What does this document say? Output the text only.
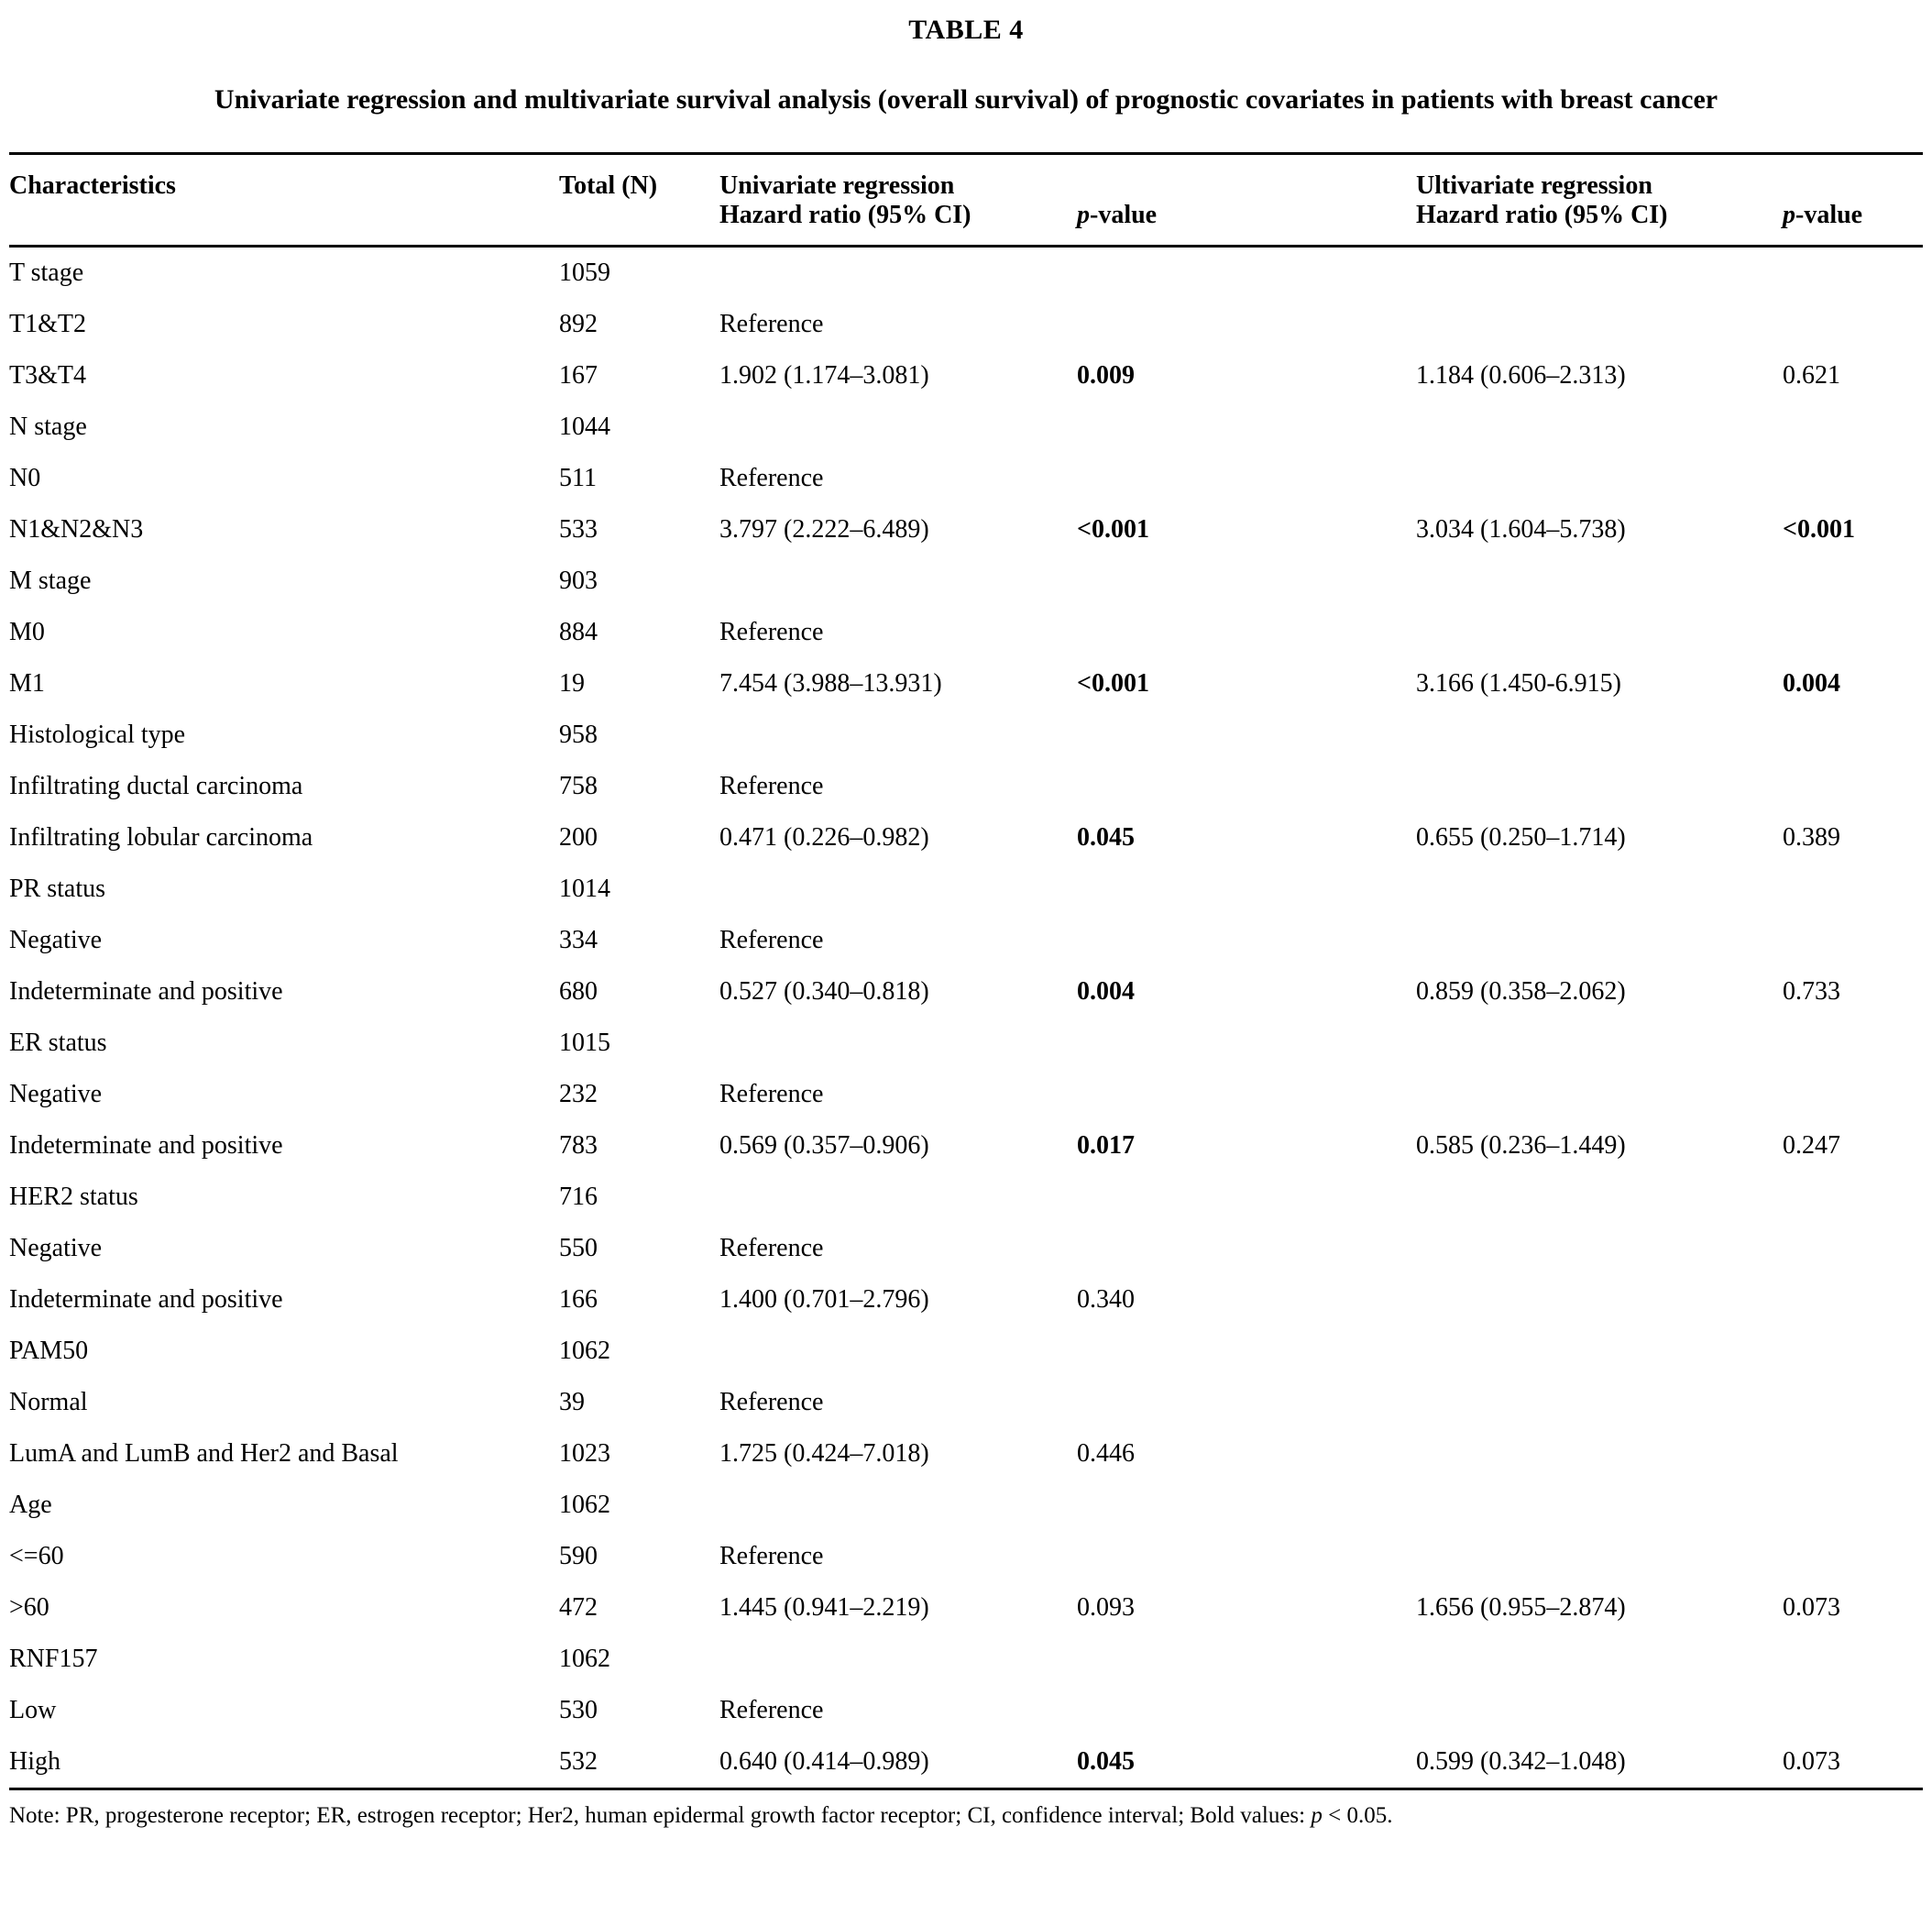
TABLE 4
Univariate regression and multivariate survival analysis (overall survival) of prognostic covariates in patients with breast cancer
Characteristics	Total (N)	Univariate regression		Ultivariate regression	
		Hazard ratio (95% CI)	p-value	Hazard ratio (95% CI)	p-value
T stage	1059				
T1&T2	892	Reference			
T3&T4	167	1.902 (1.174–3.081)	0.009	1.184 (0.606–2.313)	0.621
N stage	1044				
N0	511	Reference			
N1&N2&N3	533	3.797 (2.222–6.489)	<0.001	3.034 (1.604–5.738)	<0.001
M stage	903				
M0	884	Reference			
M1	19	7.454 (3.988–13.931)	<0.001	3.166 (1.450-6.915)	0.004
Histological type	958				
Infiltrating ductal carcinoma	758	Reference			
Infiltrating lobular carcinoma	200	0.471 (0.226–0.982)	0.045	0.655 (0.250–1.714)	0.389
PR status	1014				
Negative	334	Reference			
Indeterminate and positive	680	0.527 (0.340–0.818)	0.004	0.859 (0.358–2.062)	0.733
ER status	1015				
Negative	232	Reference			
Indeterminate and positive	783	0.569 (0.357–0.906)	0.017	0.585 (0.236–1.449)	0.247
HER2 status	716				
Negative	550	Reference			
Indeterminate and positive	166	1.400 (0.701–2.796)	0.340		
PAM50	1062				
Normal	39	Reference			
LumA and LumB and Her2 and Basal	1023	1.725 (0.424–7.018)	0.446		
Age	1062				
<=60	590	Reference			
>60	472	1.445 (0.941–2.219)	0.093	1.656 (0.955–2.874)	0.073
RNF157	1062				
Low	530	Reference			
High	532	0.640 (0.414–0.989)	0.045	0.599 (0.342–1.048)	0.073
Note: PR, progesterone receptor; ER, estrogen receptor; Her2, human epidermal growth factor receptor; CI, confidence interval; Bold values: p < 0.05.
